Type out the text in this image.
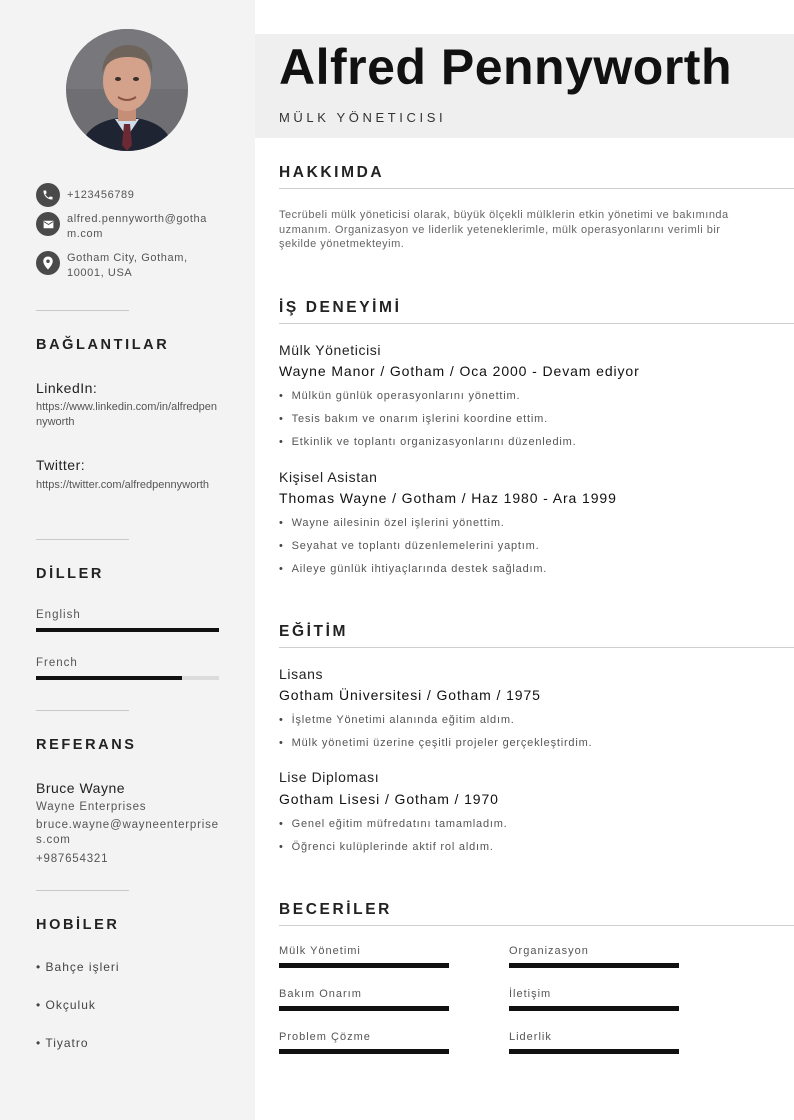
+123456789
alfred.pennyworth@gotham.com
Gotham City, Gotham, 10001, USA
BAĞLANTILAR
LinkedIn:
https://www.linkedin.com/in/alfredpennyworth
Twitter:
https://twitter.com/alfredpennyworth
DİLLER
English
French
REFERANS
Bruce Wayne
Wayne Enterprises
bruce.wayne@wayneenterprises.com
+987654321
HOBİLER
• Bahçe işleri
• Okçuluk
• Tiyatro
Alfred Pennyworth
MÜLK YÖNETICISI
HAKKIMDA
Tecrübeli mülk yöneticisi olarak, büyük ölçekli mülklerin etkin yönetimi ve bakımında uzmanım. Organizasyon ve liderlik yeteneklerimle, mülk operasyonlarını verimli bir şekilde yönetmekteyim.
İŞ DENEYİMİ
Mülk Yöneticisi
Wayne Manor / Gotham / Oca 2000 - Devam ediyor
• Mülkün günlük operasyonlarını yönettim.
• Tesis bakım ve onarım işlerini koordine ettim.
• Etkinlik ve toplantı organizasyonlarını düzenledim.
Kişisel Asistan
Thomas Wayne / Gotham / Haz 1980 - Ara 1999
• Wayne ailesinin özel işlerini yönettim.
• Seyahat ve toplantı düzenlemelerini yaptım.
• Aileye günlük ihtiyaçlarında destek sağladım.
EĞİTİM
Lisans
Gotham Üniversitesi / Gotham / 1975
• İşletme Yönetimi alanında eğitim aldım.
• Mülk yönetimi üzerine çeşitli projeler gerçekleştirdim.
Lise Diploması
Gotham Lisesi / Gotham / 1970
• Genel eğitim müfredatını tamamladım.
• Öğrenci kulüplerinde aktif rol aldım.
BECERİLER
Mülk Yönetimi	Organizasyon
Bakım Onarım	İletişim
Problem Çözme	Liderlik
